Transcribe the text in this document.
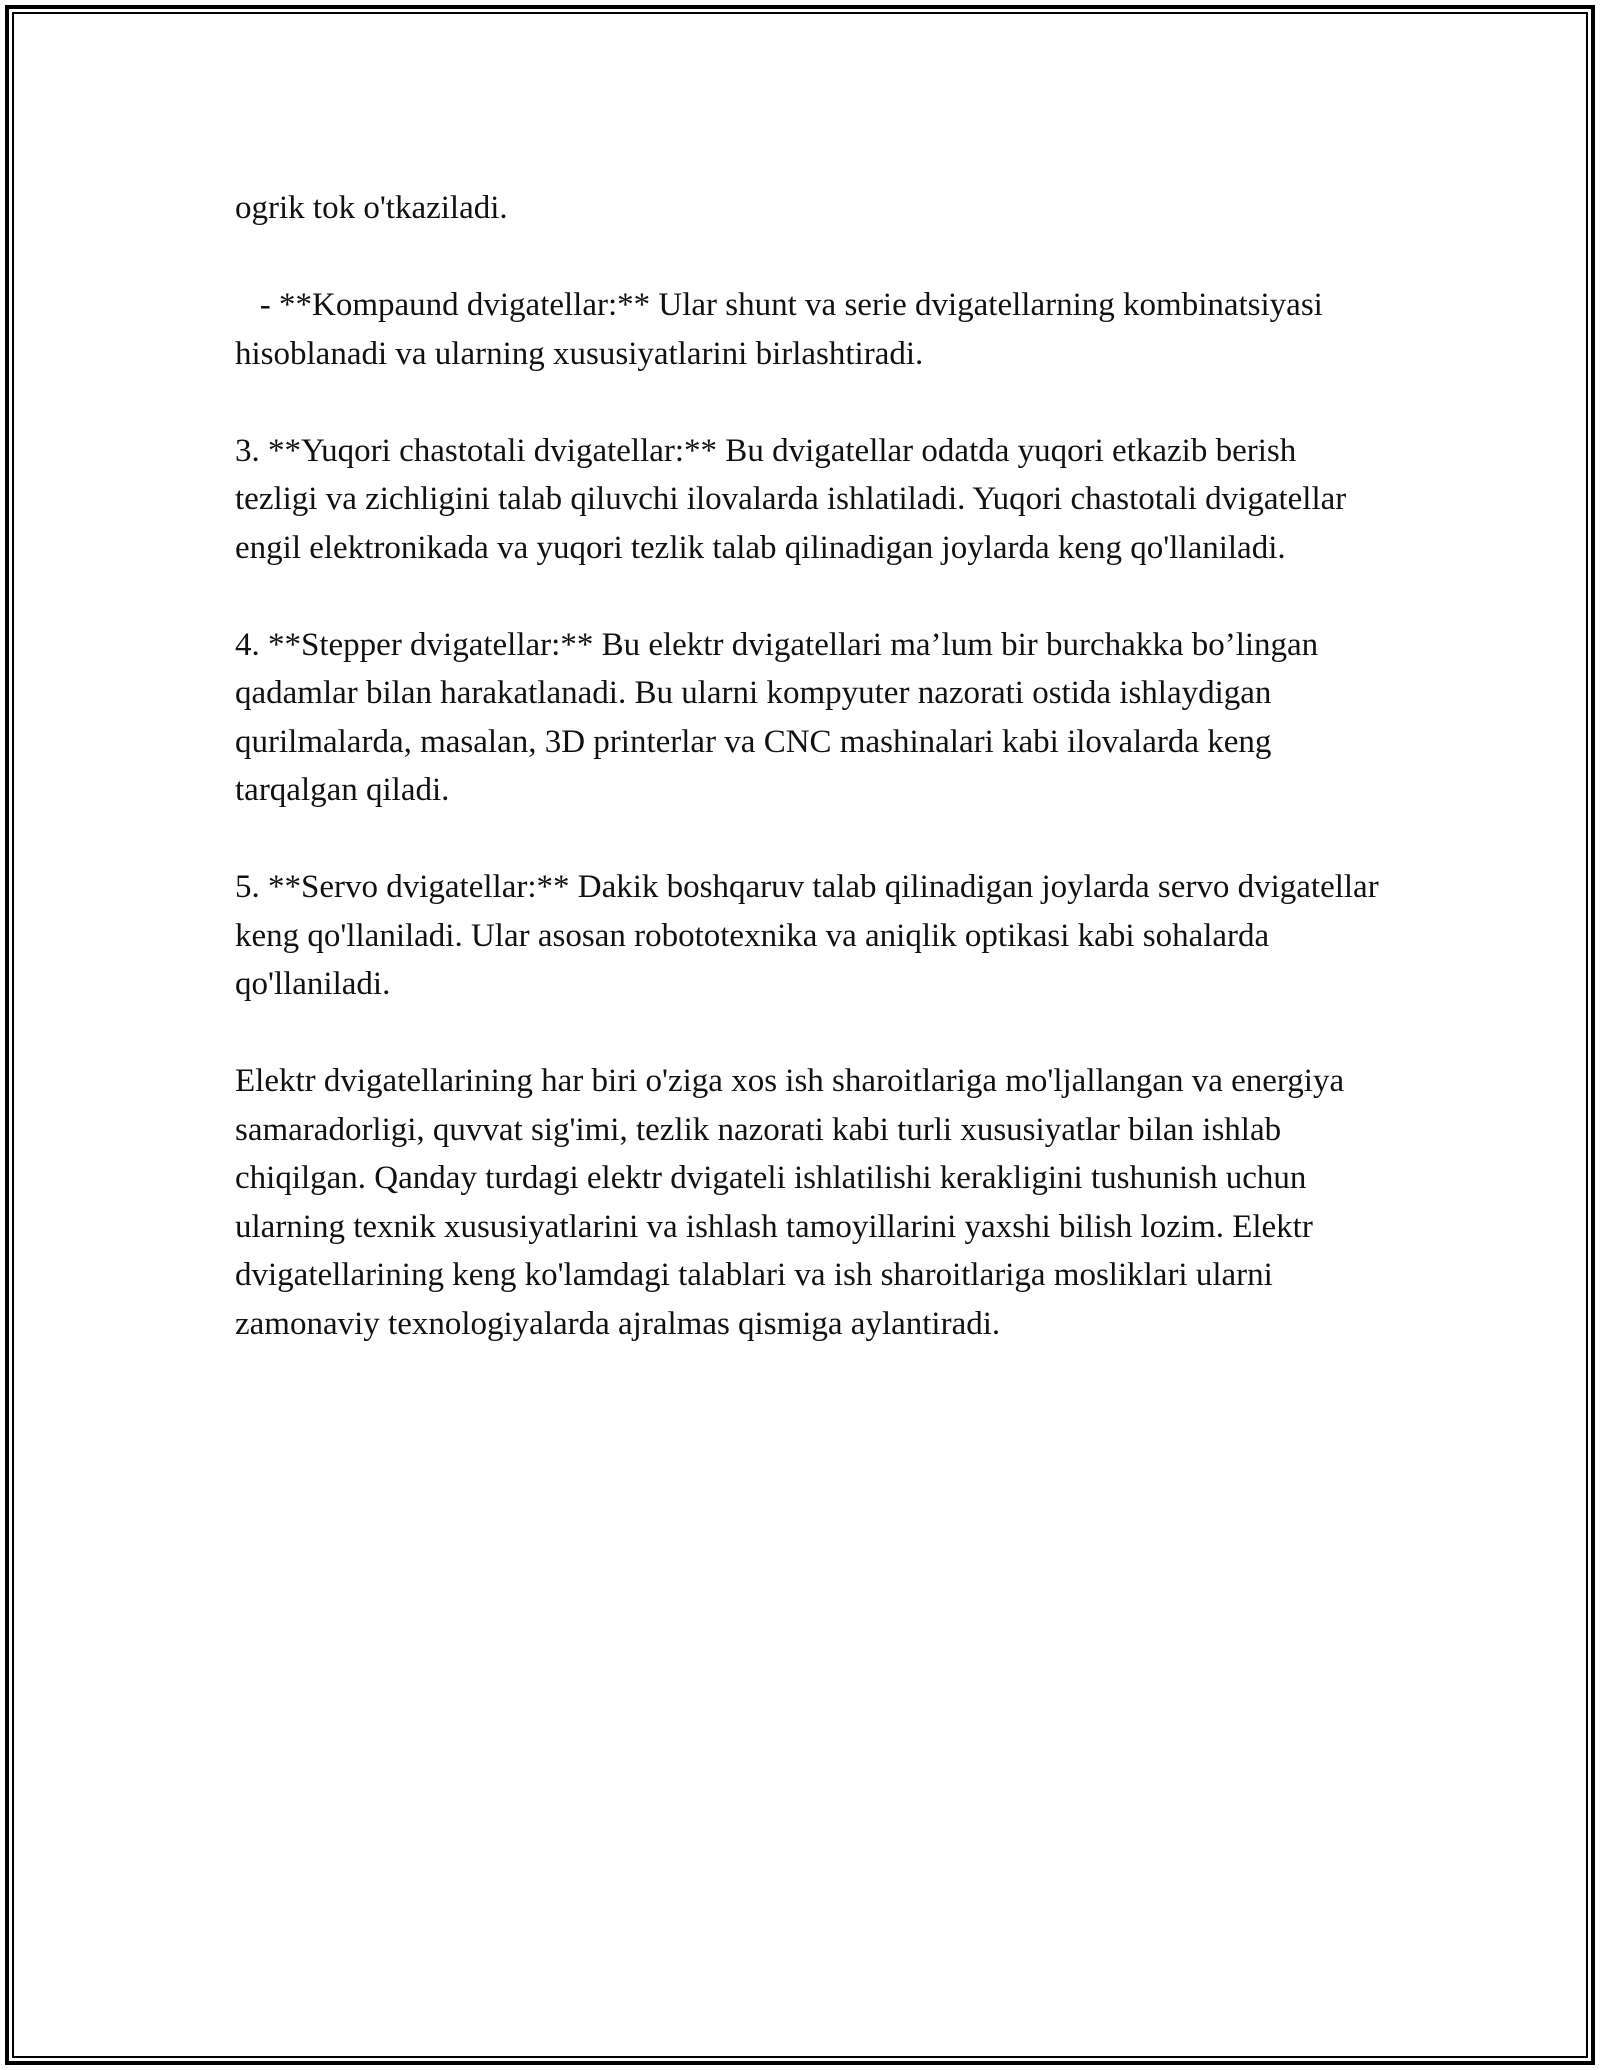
ogrik tok o'tkaziladi.

- **Kompaund dvigatellar:** Ular shunt va serie dvigatellarning kombinatsiyasi hisoblanadi va ularning xususiyatlarini birlashtiradi.

3. **Yuqori chastotali dvigatellar:** Bu dvigatellar odatda yuqori etkazib berish tezligi va zichligini talab qiluvchi ilovalarda ishlatiladi. Yuqori chastotali dvigatellar engil elektronikada va yuqori tezlik talab qilinadigan joylarda keng qo'llaniladi.

4. **Stepper dvigatellar:** Bu elektr dvigatellari ma’lum bir burchakka bo’lingan qadamlar bilan harakatlanadi. Bu ularni kompyuter nazorati ostida ishlaydigan qurilmalarda, masalan, 3D printerlar va CNC mashinalari kabi ilovalarda keng tarqalgan qiladi.

5. **Servo dvigatellar:** Dakik boshqaruv talab qilinadigan joylarda servo dvigatellar keng qo'llaniladi. Ular asosan robototexnika va aniqlik optikasi kabi sohalarda qo'llaniladi.

Elektr dvigatellarining har biri o'ziga xos ish sharoitlariga mo'ljallangan va energiya samaradorligi, quvvat sig'imi, tezlik nazorati kabi turli xususiyatlar bilan ishlab chiqilgan. Qanday turdagi elektr dvigateli ishlatilishi kerakligini tushunish uchun ularning texnik xususiyatlarini va ishlash tamoyillarini yaxshi bilish lozim. Elektr dvigatellarining keng ko'lamdagi talablari va ish sharoitlariga mosliklari ularni zamonaviy texnologiyalarda ajralmas qismiga aylantiradi.
